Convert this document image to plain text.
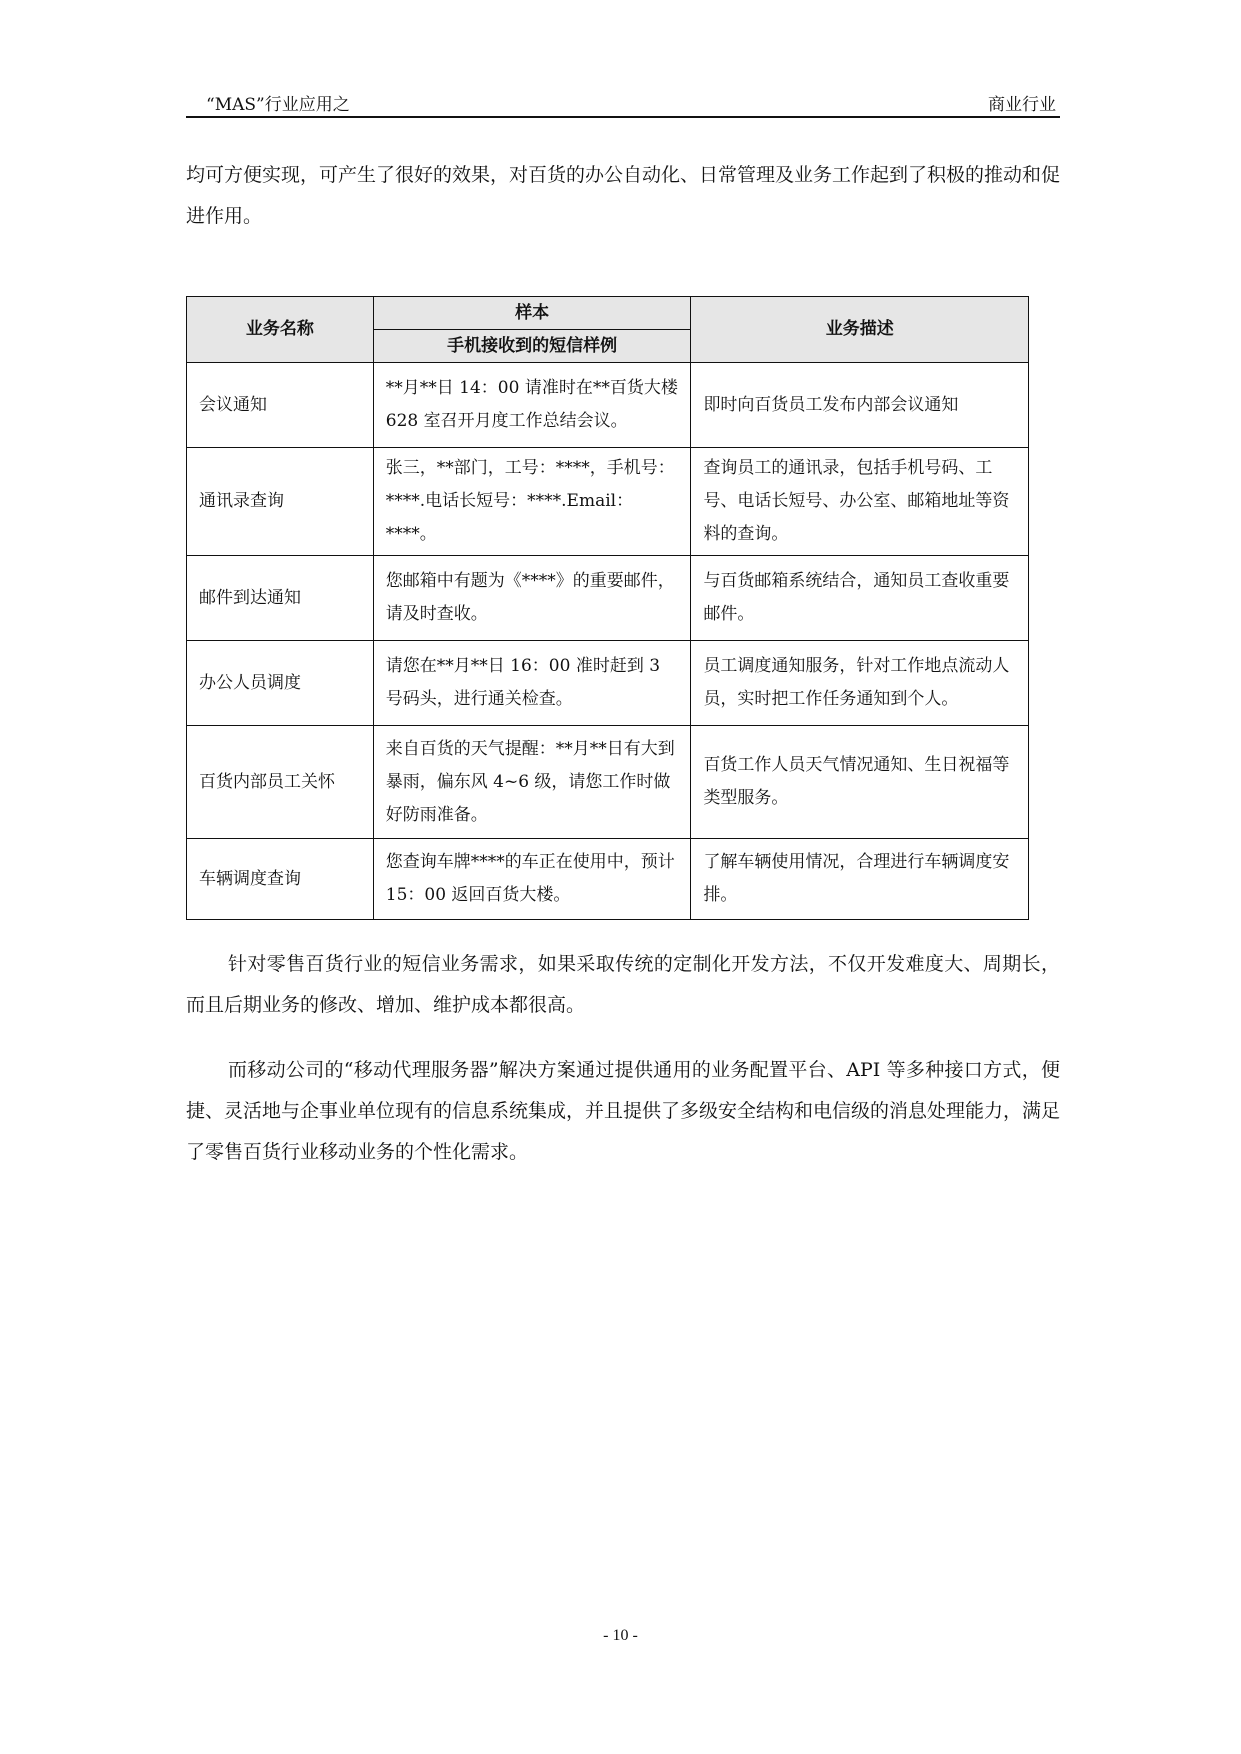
“MAS”行业应用之	商业行业

均可方便实现，可产生了很好的效果，对百货的办公自动化、日常管理及业务工作起到了积极的推动和促进作用。

业务名称	样本	业务描述
	手机接收到的短信样例	
会议通知	**月**日 14：00 请准时在**百货大楼 628 室召开月度工作总结会议。	即时向百货员工发布内部会议通知
通讯录查询	张三，**部门，工号：****，手机号：****.电话长短号：****.Email：****。	查询员工的通讯录，包括手机号码、工号、电话长短号、办公室、邮箱地址等资料的查询。
邮件到达通知	您邮箱中有题为《****》的重要邮件，请及时查收。	与百货邮箱系统结合，通知员工查收重要邮件。
办公人员调度	请您在**月**日 16：00 准时赶到 3 号码头，进行通关检查。	员工调度通知服务，针对工作地点流动人员，实时把工作任务通知到个人。
百货内部员工关怀	来自百货的天气提醒：**月**日有大到暴雨，偏东风 4~6 级，请您工作时做好防雨准备。	百货工作人员天气情况通知、生日祝福等类型服务。
车辆调度查询	您查询车牌****的车正在使用中，预计 15：00 返回百货大楼。	了解车辆使用情况，合理进行车辆调度安排。

针对零售百货行业的短信业务需求，如果采取传统的定制化开发方法，不仅开发难度大、周期长，而且后期业务的修改、增加、维护成本都很高。

而移动公司的“移动代理服务器”解决方案通过提供通用的业务配置平台、API 等多种接口方式，便捷、灵活地与企事业单位现有的信息系统集成，并且提供了多级安全结构和电信级的消息处理能力，满足了零售百货行业移动业务的个性化需求。

- 10 -
